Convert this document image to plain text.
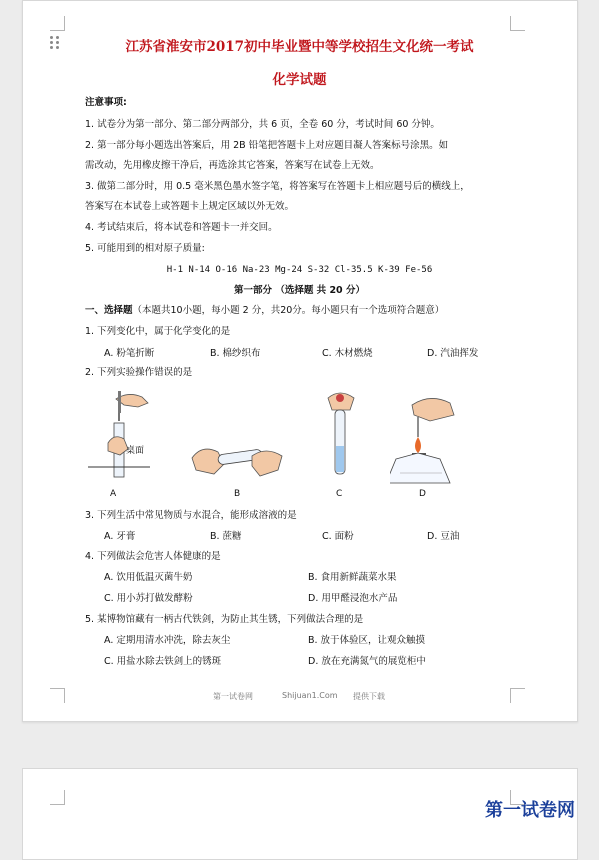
江苏省淮安市2017初中毕业暨中等学校招生文化统一考试
化学试题
注意事项:
1. 试卷分为第一部分、第二部分两部分，共 6 页，全卷 60 分，考试时间 60 分钟。
2. 第一部分每小题选出答案后，用 2B 铅笔把答题卡上对应题目凝人答案标号涂黑。如
需改动，先用橡皮擦干净后，再选涂其它答案，答案写在试卷上无效。
3. 做第二部分时，用 0.5 毫米黑色墨水签字笔，将答案写在答题卡上相应题号后的横线上，
答案写在本试卷上或答题卡上规定区域以外无效。
4. 考试结束后，将本试卷和答题卡一并交回。
5. 可能用到的相对原子质量:
H-1 N-14 O-16 Na-23 Mg-24 S-32 Cl-35.5 K-39 Fe-56
第一部分 （选择题 共 20 分）
一、选择题（本题共10小题，每小题 2 分，共20分。每小题只有一个选项符合题意）
1. 下列变化中，属于化学变化的是
A. 粉笔折断	B. 棉纱织布	C. 木材燃烧	D. 汽油挥发
2. 下列实验操作错误的是
桌面
A	B	C	D
3. 下列生活中常见物质与水混合，能形成溶液的是
A. 牙膏	B. 蔗糖	C. 面粉	D. 豆油
4. 下列做法会危害人体健康的是
A. 饮用低温灭菌牛奶	B. 食用新鲜蔬菜水果
C. 用小苏打做发酵粉	D. 用甲醛浸泡水产品
5. 某博物馆藏有一柄古代铁剑，为防止其生锈，下列做法合理的是
A. 定期用清水冲洗，除去灰尘	B. 放于体验区，让观众触摸
C. 用盐水除去铁剑上的锈斑	D. 放在充满氮气的展览柜中
第一试卷网	Shijuan1.Com 提供下载
第一试卷网
